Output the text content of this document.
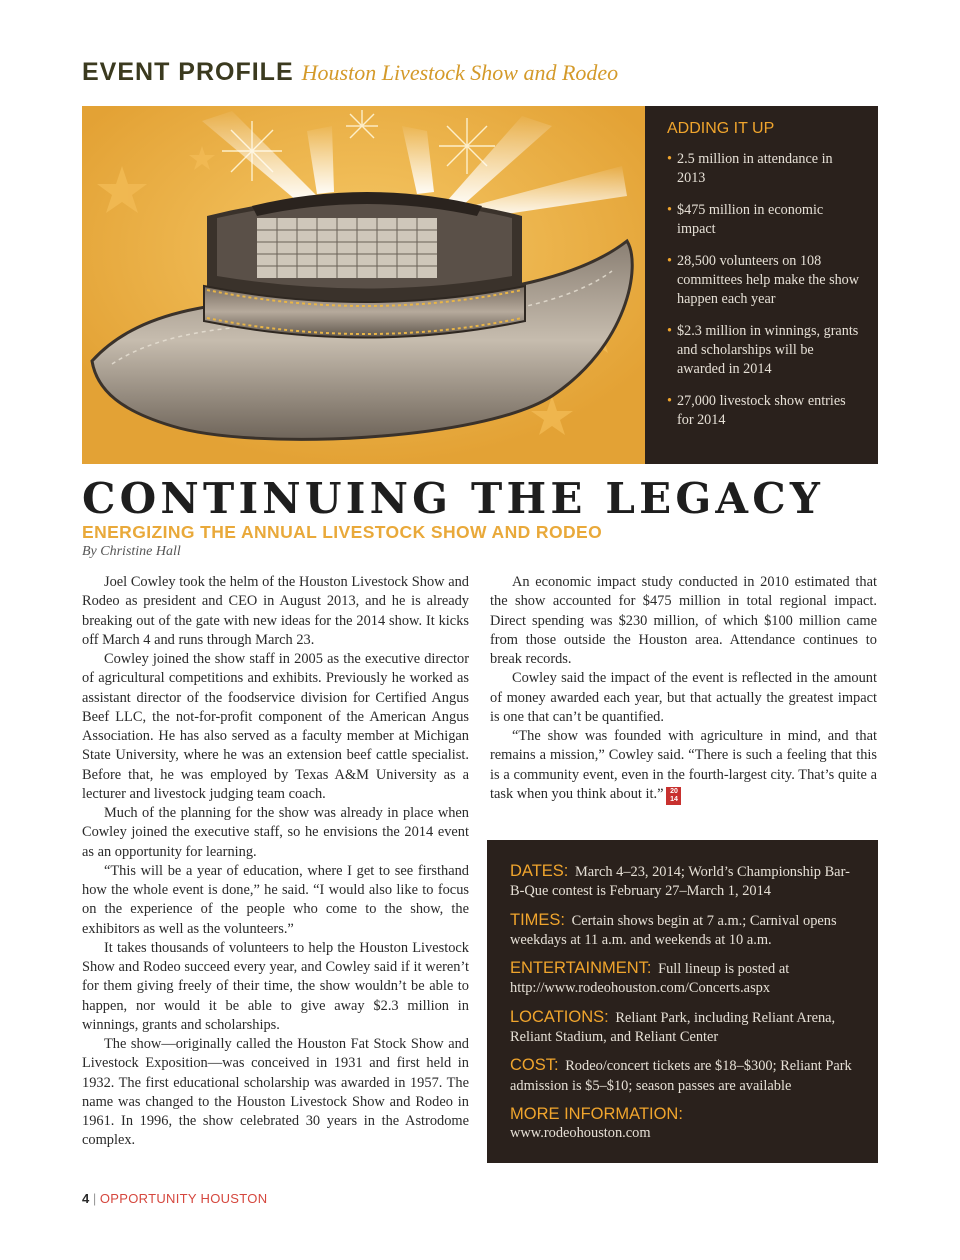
EVENT PROFILE Houston Livestock Show and Rodeo
ADDING IT UP
• 2.5 million in attendance in 2013
• $475 million in economic impact
• 28,500 volunteers on 108 committees help make the show happen each year
• $2.3 million in winnings, grants and scholarships will be awarded in 2014
• 27,000 livestock show entries for 2014
CONTINUING THE LEGACY
ENERGIZING THE ANNUAL LIVESTOCK SHOW AND RODEO
By Christine Hall

Joel Cowley took the helm of the Houston Livestock Show and Rodeo as president and CEO in August 2013, and he is already breaking out of the gate with new ideas for the 2014 show. It kicks off March 4 and runs through March 23.

Cowley joined the show staff in 2005 as the executive director of agricultural competitions and exhibits. Previously he worked as assistant director of the foodservice division for Certified Angus Beef LLC, the not-for-profit component of the American Angus Association. He has also served as a faculty member at Michigan State University, where he was an extension beef cattle specialist. Before that, he was employed by Texas A&M University as a lecturer and livestock judging team coach.

Much of the planning for the show was already in place when Cowley joined the executive staff, so he envisions the 2014 event as an opportunity for learning.

“This will be a year of education, where I get to see firsthand how the whole event is done,” he said. “I would also like to focus on the experience of the people who come to the show, the exhibitors as well as the volunteers.”

It takes thousands of volunteers to help the Houston Livestock Show and Rodeo succeed every year, and Cowley said if it weren’t for them giving freely of their time, the show wouldn’t be able to happen, nor would it be able to give away $2.3 million in winnings, grants and scholarships.

The show—originally called the Houston Fat Stock Show and Livestock Exposition—was conceived in 1931 and first held in 1932. The first educational scholarship was awarded in 1957. The name was changed to the Houston Livestock Show and Rodeo in 1961. In 1996, the show celebrated 30 years in the Astrodome complex.

An economic impact study conducted in 2010 estimated that the show accounted for $475 million in total regional impact. Direct spending was $230 million, of which $100 million came from those outside the Houston area. Attendance continues to break records.

Cowley said the impact of the event is reflected in the amount of money awarded each year, but that actually the greatest impact is one that can’t be quantified.

“The show was founded with agriculture in mind, and that remains a mission,” Cowley said. “There is such a feeling that this is a community event, even in the fourth-largest city. That’s quite a task when you think about it.” 20
14

DATES: March 4–23, 2014; World’s Championship Bar-B-Que contest is February 27–March 1, 2014
TIMES: Certain shows begin at 7 a.m.; Carnival opens weekdays at 11 a.m. and weekends at 10 a.m.
ENTERTAINMENT: Full lineup is posted at http://www.rodeohouston.com/Concerts.aspx
LOCATIONS: Reliant Park, including Reliant Arena, Reliant Stadium, and Reliant Center
COST: Rodeo/concert tickets are $18–$300; Reliant Park admission is $5–$10; season passes are available
MORE INFORMATION:
www.rodeohouston.com
4 | OPPORTUNITY HOUSTON
